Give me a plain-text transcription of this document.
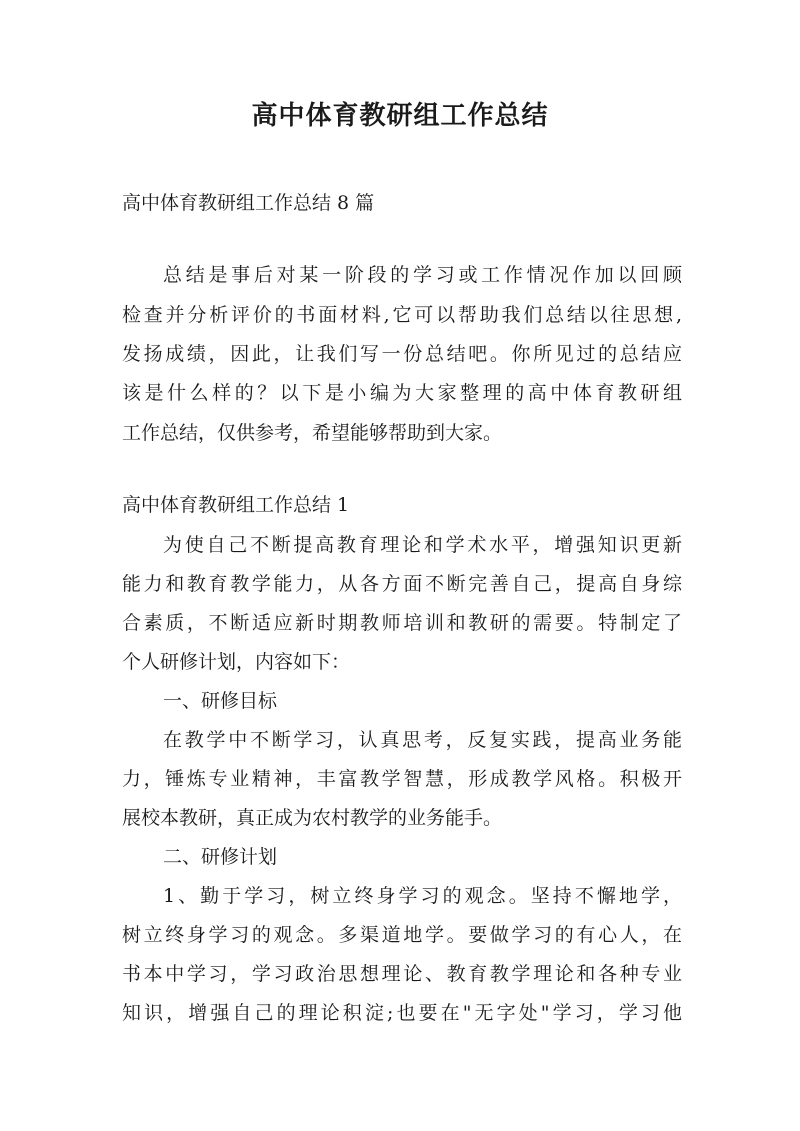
高中体育教研组工作总结

高中体育教研组工作总结 8 篇

总结是事后对某一阶段的学习或工作情况作加以回顾

检查并分析评价的书面材料,它可以帮助我们总结以往思想,

发扬成绩，因此，让我们写一份总结吧。你所见过的总结应

该是什么样的？以下是小编为大家整理的高中体育教研组

工作总结，仅供参考，希望能够帮助到大家。

高中体育教研组工作总结 1

为使自己不断提高教育理论和学术水平，增强知识更新

能力和教育教学能力，从各方面不断完善自己，提高自身综

合素质，不断适应新时期教师培训和教研的需要。特制定了

个人研修计划，内容如下：

一、研修目标

在教学中不断学习，认真思考，反复实践，提高业务能

力，锤炼专业精神，丰富教学智慧，形成教学风格。积极开

展校本教研，真正成为农村教学的业务能手。

二、研修计划

1、勤于学习，树立终身学习的观念。坚持不懈地学，

树立终身学习的观念。多渠道地学。要做学习的有心人，在

书本中学习，学习政治思想理论、教育教学理论和各种专业

知识，增强自己的理论积淀;也要在"无字处"学习，学习他
